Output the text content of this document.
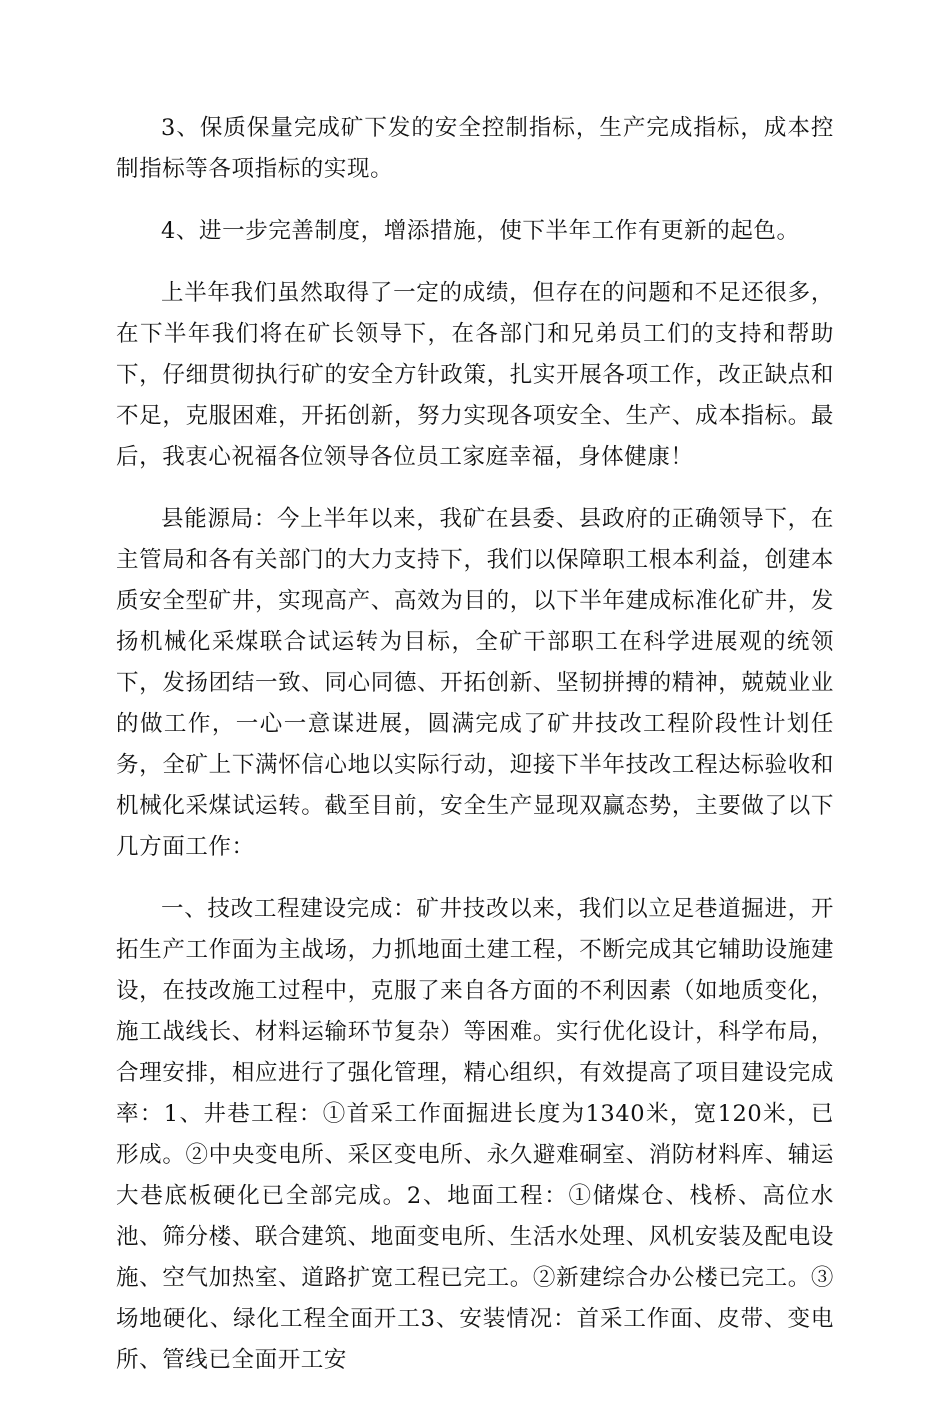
3、保质保量完成矿下发的安全控制指标，生产完成指标，成本控制指标等各项指标的实现。

4、进一步完善制度，增添措施，使下半年工作有更新的起色。

上半年我们虽然取得了一定的成绩，但存在的问题和不足还很多，在下半年我们将在矿长领导下，在各部门和兄弟员工们的支持和帮助下，仔细贯彻执行矿的安全方针政策，扎实开展各项工作，改正缺点和不足，克服困难，开拓创新，努力实现各项安全、生产、成本指标。最后，我衷心祝福各位领导各位员工家庭幸福，身体健康！

县能源局：今上半年以来，我矿在县委、县政府的正确领导下，在主管局和各有关部门的大力支持下，我们以保障职工根本利益，创建本质安全型矿井，实现高产、高效为目的，以下半年建成标准化矿井，发扬机械化采煤联合试运转为目标，全矿干部职工在科学进展观的统领下，发扬团结一致、同心同德、开拓创新、坚韧拼搏的精神，兢兢业业的做工作，一心一意谋进展，圆满完成了矿井技改工程阶段性计划任务，全矿上下满怀信心地以实际行动，迎接下半年技改工程达标验收和机械化采煤试运转。截至目前，安全生产显现双赢态势，主要做了以下几方面工作：

一、技改工程建设完成：矿井技改以来，我们以立足巷道掘进，开拓生产工作面为主战场，力抓地面土建工程，不断完成其它辅助设施建设，在技改施工过程中，克服了来自各方面的不利因素（如地质变化，施工战线长、材料运输环节复杂）等困难。实行优化设计，科学布局，合理安排，相应进行了强化管理，精心组织，有效提高了项目建设完成率：1、井巷工程：①首采工作面掘进长度为1340米，宽120米，已形成。②中央变电所、采区变电所、永久避难硐室、消防材料库、辅运大巷底板硬化已全部完成。2、地面工程：①储煤仓、栈桥、高位水池、筛分楼、联合建筑、地面变电所、生活水处理、风机安装及配电设施、空气加热室、道路扩宽工程已完工。②新建综合办公楼已完工。③场地硬化、绿化工程全面开工3、安装情况：首采工作面、皮带、变电所、管线已全面开工安
